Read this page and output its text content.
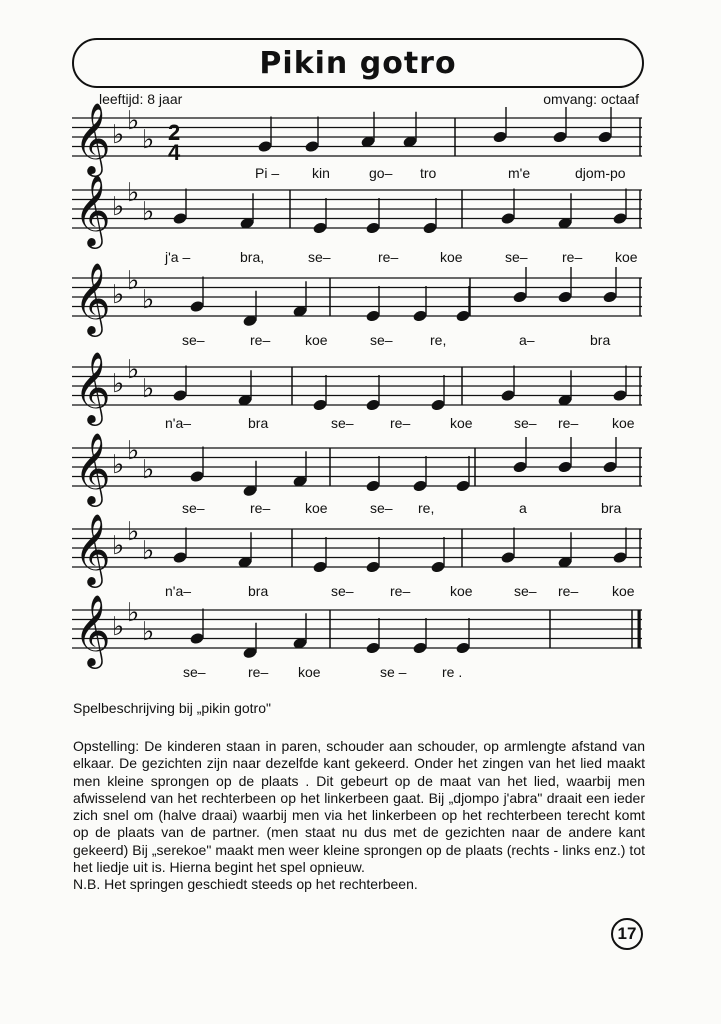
Pikin gotro
leeftijd: 8 jaar	omvang: octaaf
𝄞 ♭ ♭
♭
Pi – kin	go– tro	m'e	djom-po
𝄞 ♭ ♭
♭
j'a –	bra,	se–	re–	koe	se– re– koe
𝄞 ♭ ♭
♭
se–	re– koe	se–	re,	a–	bra
𝄞 ♭ ♭
♭
n'a–	bra	se–	re–	koe	se– re– koe
𝄞 ♭ ♭
♭
se–	re– koe	se– re,	a	bra
𝄞 ♭ ♭
♭
n'a–	bra	se–	re–	koe	se– re– koe
𝄞 ♭ ♭
♭
se–	re– koe	se –	re .
2
4
Spelbeschrijving bij „pikin gotro"

Opstelling: De kinderen staan in paren, schouder aan schouder, op armlengte afstand van elkaar. De gezichten zijn naar dezelfde kant gekeerd. Onder het zingen van het lied maakt men kleine sprongen op de plaats . Dit gebeurt op de maat van het lied, waarbij men afwisselend van het rechterbeen op het linkerbeen gaat. Bij „djompo j'abra" draait een ieder zich snel om (halve draai) waarbij men via het linkerbeen op het rechterbeen terecht komt op de plaats van de partner. (men staat nu dus met de gezichten naar de andere kant gekeerd) Bij „serekoe" maakt men weer kleine sprongen op de plaats (rechts - links enz.) tot het liedje uit is. Hierna begint het spel opnieuw.

N.B. Het springen geschiedt steeds op het rechterbeen.

17
